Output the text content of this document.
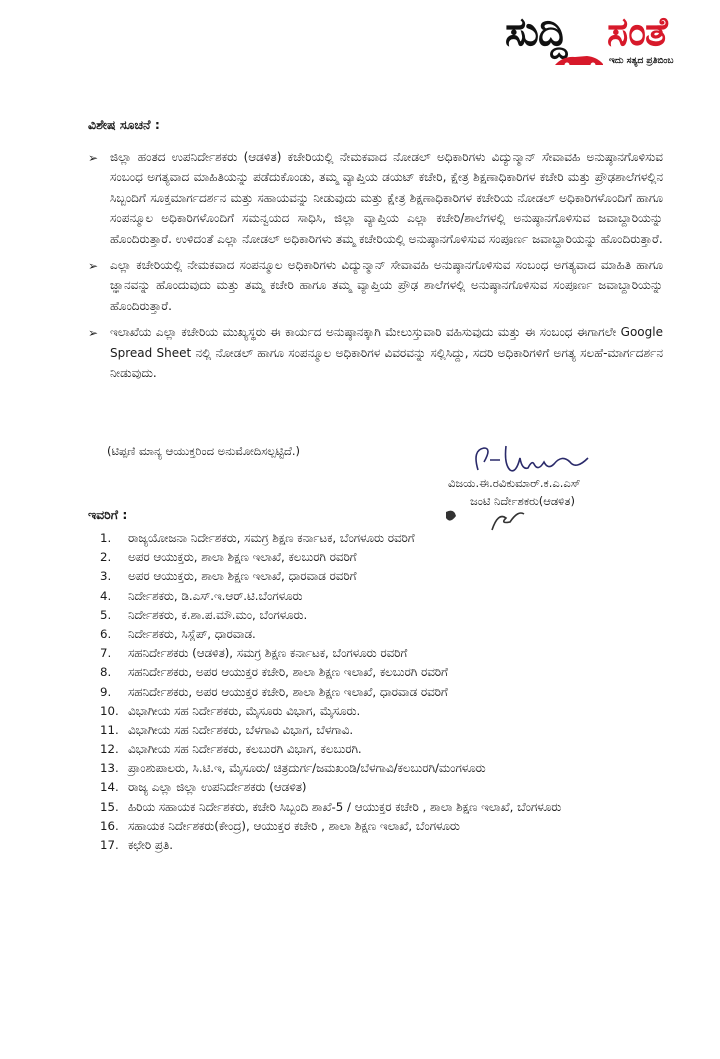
ಸುದ್ದಿ ಸಂತೆ
ಇದು ಸತ್ಯದ ಪ್ರತಿಬಿಂಬ
ವಿಶೇಷ ಸೂಚನೆ :
➢ ಜಿಲ್ಲಾ ಹಂತದ ಉಪನಿರ್ದೇಶಕರು (ಆಡಳಿತ) ಕಚೇರಿಯಲ್ಲಿ ನೇಮಕವಾದ ನೋಡಲ್ ಅಧಿಕಾರಿಗಳು ವಿದ್ಯುನ್ಮಾನ್ ಸೇವಾವಹಿ ಅನುಷ್ಠಾನಗೊಳಿಸುವ ಸಂಬಂಧ ಅಗತ್ಯವಾದ ಮಾಹಿತಿಯನ್ನು ಪಡೆದುಕೊಂಡು, ತಮ್ಮ ವ್ಯಾಪ್ತಿಯ ಡಯಟ್ ಕಚೇರಿ, ಕ್ಷೇತ್ರ ಶಿಕ್ಷಣಾಧಿಕಾರಿಗಳ ಕಚೇರಿ ಮತ್ತು ಪ್ರೌಢಶಾಲೆಗಳಲ್ಲಿನ ಸಿಬ್ಬಂದಿಗೆ ಸೂಕ್ತಮಾರ್ಗದರ್ಶನ ಮತ್ತು ಸಹಾಯವನ್ನು ನೀಡುವುದು ಮತ್ತು ಕ್ಷೇತ್ರ ಶಿಕ್ಷಣಾಧಿಕಾರಿಗಳ ಕಚೇರಿಯ ನೋಡಲ್ ಅಧಿಕಾರಿಗಳೊಂದಿಗೆ ಹಾಗೂ ಸಂಪನ್ಮೂಲ ಅಧಿಕಾರಿಗಳೊಂದಿಗೆ ಸಮನ್ವಯದ ಸಾಧಿಸಿ, ಜಿಲ್ಲಾ ವ್ಯಾಪ್ತಿಯ ಎಲ್ಲಾ ಕಚೇರಿ/ಶಾಲೆಗಳಲ್ಲಿ ಅನುಷ್ಠಾನಗೊಳಿಸುವ ಜವಾಬ್ದಾರಿಯನ್ನು ಹೊಂದಿರುತ್ತಾರೆ. ಉಳಿದಂತೆ ಎಲ್ಲಾ ನೋಡಲ್ ಅಧಿಕಾರಿಗಳು ತಮ್ಮ ಕಚೇರಿಯಲ್ಲಿ ಅನುಷ್ಠಾನಗೊಳಿಸುವ ಸಂಪೂರ್ಣ ಜವಾಬ್ದಾರಿಯನ್ನು ಹೊಂದಿರುತ್ತಾರೆ.
➢ ಎಲ್ಲಾ ಕಚೇರಿಯಲ್ಲಿ ನೇಮಕವಾದ ಸಂಪನ್ಮೂಲ ಅಧಿಕಾರಿಗಳು ವಿದ್ಯುನ್ಮಾನ್ ಸೇವಾವಹಿ ಅನುಷ್ಠಾನಗೊಳಿಸುವ ಸಂಬಂಧ ಅಗತ್ಯವಾದ ಮಾಹಿತಿ ಹಾಗೂ ಜ್ಞಾನವನ್ನು ಹೊಂದುವುದು ಮತ್ತು ತಮ್ಮ ಕಚೇರಿ ಹಾಗೂ ತಮ್ಮ ವ್ಯಾಪ್ತಿಯ ಪ್ರೌಢ ಶಾಲೆಗಳಲ್ಲಿ ಅನುಷ್ಠಾನಗೊಳಿಸುವ ಸಂಪೂರ್ಣ ಜವಾಬ್ದಾರಿಯನ್ನು ಹೊಂದಿರುತ್ತಾರೆ.
➢ ಇಲಾಖೆಯ ಎಲ್ಲಾ ಕಚೇರಿಯ ಮುಖ್ಯಸ್ಥರು ಈ ಕಾರ್ಯದ ಅನುಷ್ಠಾನಕ್ಕಾಗಿ ಮೇಲುಸ್ತುವಾರಿ ವಹಿಸುವುದು ಮತ್ತು ಈ ಸಂಬಂಧ ಈಗಾಗಲೇ Google Spread Sheet ನಲ್ಲಿ ನೋಡಲ್ ಹಾಗೂ ಸಂಪನ್ಮೂಲ ಅಧಿಕಾರಿಗಳ ವಿವರವನ್ನು ಸಲ್ಲಿಸಿದ್ದು, ಸದರಿ ಅಧಿಕಾರಿಗಳಿಗೆ ಅಗತ್ಯ ಸಲಹೆ-ಮಾರ್ಗದರ್ಶನ ನೀಡುವುದು.
(ಟಿಪ್ಪಣಿ ಮಾನ್ಯ ಆಯುಕ್ತರಿಂದ ಅನುಮೋದಿಸಲ್ಪಟ್ಟಿದೆ.)
ವಿಜಯ.ಈ.ರವಿಕುಮಾರ್.ಕ.ಎ.ಎಸ್
ಜಂಟಿ ನಿರ್ದೇಶಕರು(ಆಡಳಿತ)
ಇವರಿಗೆ :
1. ರಾಜ್ಯಯೋಜನಾ ನಿರ್ದೇಶಕರು, ಸಮಗ್ರ ಶಿಕ್ಷಣ ಕರ್ನಾಟಕ, ಬೆಂಗಳೂರು ರವರಿಗೆ
2. ಅಪರ ಆಯುಕ್ತರು, ಶಾಲಾ ಶಿಕ್ಷಣ ಇಲಾಖೆ, ಕಲಬುರಗಿ ರವರಿಗೆ
3. ಅಪರ ಆಯುಕ್ತರು, ಶಾಲಾ ಶಿಕ್ಷಣ ಇಲಾಖೆ, ಧಾರವಾಡ ರವರಿಗೆ
4. ನಿರ್ದೇಶಕರು, ಡಿ.ಎಸ್.ಇ.ಆರ್.ಟಿ.ಬೆಂಗಳೂರು
5. ನಿರ್ದೇಶಕರು, ಕ.ಶಾ.ಪ.ಮೌ.ಮಂ, ಬೆಂಗಳೂರು.
6. ನಿರ್ದೇಶಕರು, ಸಿಸ್ಲೆಪ್, ಧಾರವಾಡ.
7. ಸಹನಿರ್ದೇಶಕರು (ಆಡಳಿತ), ಸಮಗ್ರ ಶಿಕ್ಷಣ ಕರ್ನಾಟಕ, ಬೆಂಗಳೂರು ರವರಿಗೆ
8. ಸಹನಿರ್ದೇಶಕರು, ಅಪರ ಆಯುಕ್ತರ ಕಚೇರಿ, ಶಾಲಾ ಶಿಕ್ಷಣ ಇಲಾಖೆ, ಕಲಬುರಗಿ ರವರಿಗೆ
9. ಸಹನಿರ್ದೇಶಕರು, ಅಪರ ಆಯುಕ್ತರ ಕಚೇರಿ, ಶಾಲಾ ಶಿಕ್ಷಣ ಇಲಾಖೆ, ಧಾರವಾಡ ರವರಿಗೆ
10. ವಿಭಾಗೀಯ ಸಹ ನಿರ್ದೇಶಕರು, ಮೈಸೂರು ವಿಭಾಗ, ಮೈಸೂರು.
11. ವಿಭಾಗೀಯ ಸಹ ನಿರ್ದೇಶಕರು, ಬೆಳಗಾವಿ ವಿಭಾಗ, ಬೆಳಗಾವಿ.
12. ವಿಭಾಗೀಯ ಸಹ ನಿರ್ದೇಶಕರು, ಕಲಬುರಗಿ ವಿಭಾಗ, ಕಲಬುರಗಿ.
13. ಪ್ರಾಂಶುಪಾಲರು, ಸಿ.ಟಿ.ಇ, ಮೈಸೂರು/ ಚಿತ್ರದುರ್ಗ/ಜಮಖಂಡಿ/ಬೆಳಗಾವಿ/ಕಲಬುರಗಿ/ಮಂಗಳೂರು
14. ರಾಜ್ಯ ಎಲ್ಲಾ ಜಿಲ್ಲಾ ಉಪನಿರ್ದೇಶಕರು (ಆಡಳಿತ)
15. ಹಿರಿಯ ಸಹಾಯಕ ನಿರ್ದೇಶಕರು, ಕಚೇರಿ ಸಿಬ್ಬಂದಿ ಶಾಖೆ-5 / ಆಯುಕ್ತರ ಕಚೇರಿ , ಶಾಲಾ ಶಿಕ್ಷಣ ಇಲಾಖೆ, ಬೆಂಗಳೂರು
16. ಸಹಾಯಕ ನಿರ್ದೇಶಕರು(ಕೇಂದ್ರ), ಆಯುಕ್ತರ ಕಚೇರಿ , ಶಾಲಾ ಶಿಕ್ಷಣ ಇಲಾಖೆ, ಬೆಂಗಳೂರು
17. ಕಛೇರಿ ಪ್ರತಿ.
